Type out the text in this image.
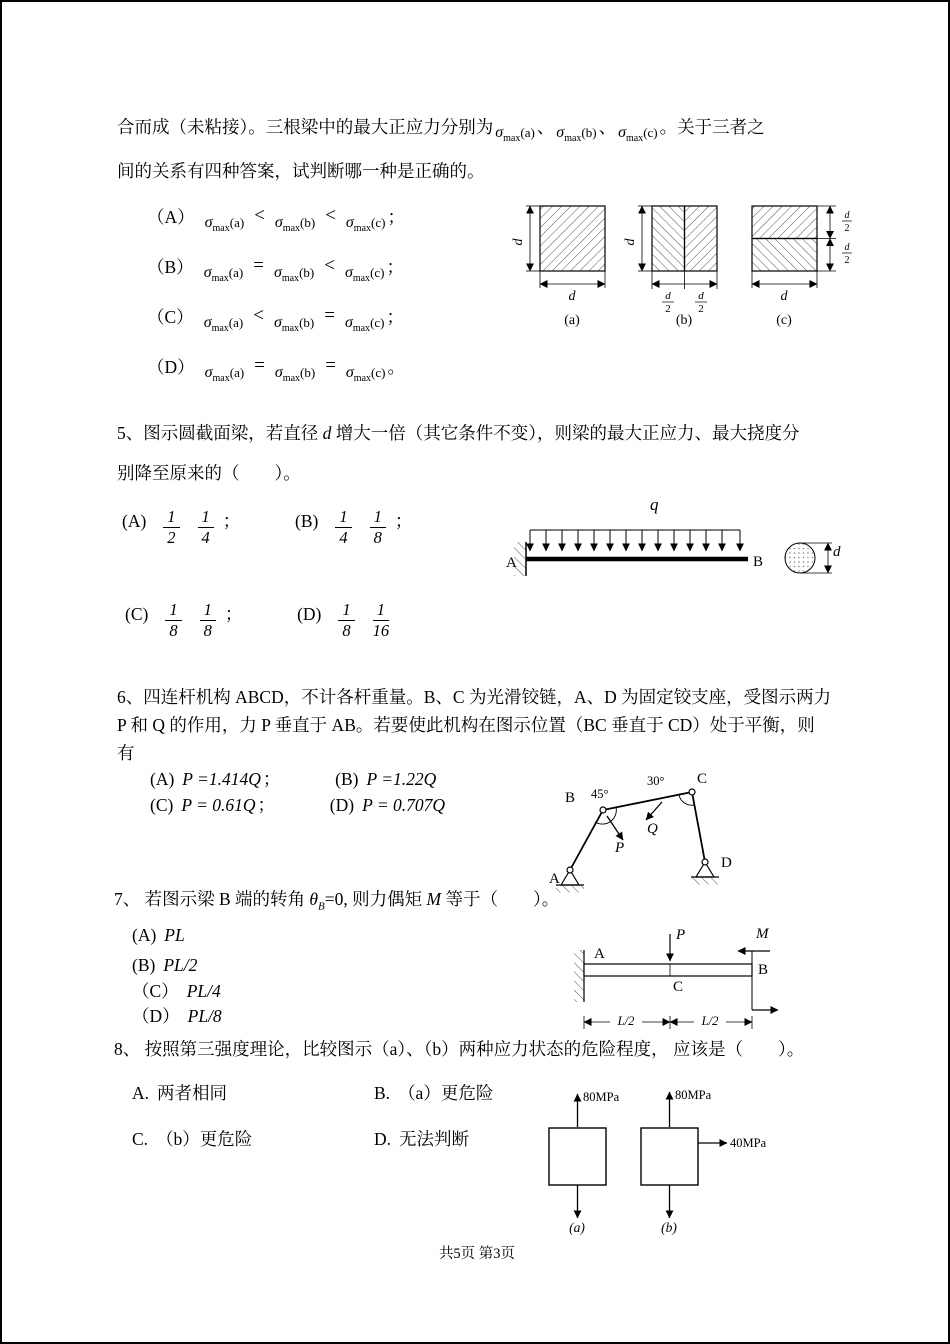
合而成（未粘接）。三根梁中的最大正应力分别为 $_{\sigma_{max}(a)}$ 、 $_{\sigma_{max}(b)}$ 、 $_{\sigma_{max}(c)}$ 。关于三者之
间的关系有四种答案，试判断哪一种是正确的。
（A） $_{\sigma_{max}(a)}$ < $_{\sigma_{max}(b)}$ < $_{\sigma_{max}(c)}$ ；
（B） $_{\sigma_{max}(a)}$ = $_{\sigma_{max}(b)}$ < $_{\sigma_{max}(c)}$ ；
（C） $_{\sigma_{max}(a)}$ < $_{\sigma_{max}(b)}$ = $_{\sigma_{max}(c)}$ ；
（D） $_{\sigma_{max}(a)}$ = $_{\sigma_{max}(b)}$ = $_{\sigma_{max}(c)}$ 。
d
d
(a)
d
d
2
d
2
(b)
d
2
d
2
d
(c)
5、图示圆截面梁，若直径 d 增大一倍（其它条件不变），则梁的最大正应力、最大挠度分
别降至原来的（　　）。
$(A) \frac{1}{2} \frac{1}{4}$ ；	$(B) \frac{1}{4} \frac{1}{8}$ ；
$(C) \frac{1}{8} \frac{1}{8}$ ；	$(D) \frac{1}{8} \frac{1}{16}$
q
A	B
d
6、四连杆机构 ABCD，不计各杆重量。B、C 为光滑铰链，A、D 为固定铰支座，受图示两力
P 和 Q 的作用，力 P 垂直于 AB。若要使此机构在图示位置（BC 垂直于 CD）处于平衡，则
有
(A) P =1.414Q ；	(B) P =1.22Q
(C) P = 0.61Q ；	(D) P = 0.707Q
P
Q
B 45°
30° C
A
D
7、 若图示梁 B 端的转角 $\theta_B=0$, 则力偶矩 M 等于（　　）。
(A) PL
(B) PL/2
（C） PL/4
（D） PL/8
A
P
C
M
B
L/2	L/2
8、 按照第三强度理论，比较图示（a）、（b）两种应力状态的危险程度， 应该是（　　）。
A. 两者相同	B. （a）更危险
C. （b）更危险	D. 无法判断
80MPa
(a)
80MPa
40MPa
(b)
共5页 第3页
